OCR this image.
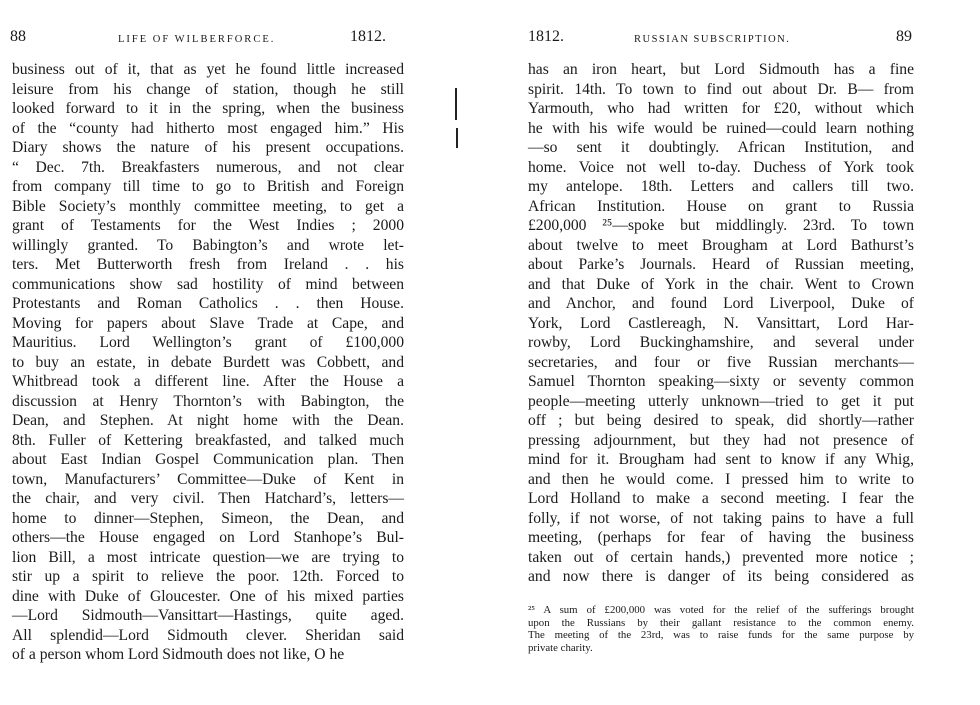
88	LIFE OF WILBERFORCE.	1812.
business out of it, that as yet he found little increased
leisure from his change of station, though he still
looked forward to it in the spring, when the business
of the “county had hitherto most engaged him.” His
Diary shows the nature of his present occupations.
“ Dec. 7th. Breakfasters numerous, and not clear
from company till time to go to British and Foreign
Bible Society’s monthly committee meeting, to get a
grant of Testaments for the West Indies ; 2000
willingly granted. To Babington’s and wrote let-
ters. Met Butterworth fresh from Ireland . . his
communications show sad hostility of mind between
Protestants and Roman Catholics . . then House.
Moving for papers about Slave Trade at Cape, and
Mauritius. Lord Wellington’s grant of £100,000
to buy an estate, in debate Burdett was Cobbett, and
Whitbread took a different line. After the House a
discussion at Henry Thornton’s with Babington, the
Dean, and Stephen. At night home with the Dean.
8th. Fuller of Kettering breakfasted, and talked much
about East Indian Gospel Communication plan. Then
town, Manufacturers’ Committee—Duke of Kent in
the chair, and very civil. Then Hatchard’s, letters—
home to dinner—Stephen, Simeon, the Dean, and
others—the House engaged on Lord Stanhope’s Bul-
lion Bill, a most intricate question—we are trying to
stir up a spirit to relieve the poor. 12th. Forced to
dine with Duke of Gloucester. One of his mixed parties
—Lord Sidmouth—Vansittart—Hastings, quite aged.
All splendid—Lord Sidmouth clever. Sheridan said
of a person whom Lord Sidmouth does not like, O he
1812.	RUSSIAN SUBSCRIPTION.	89
has an iron heart, but Lord Sidmouth has a fine
spirit. 14th. To town to find out about Dr. B— from
Yarmouth, who had written for £20, without which
he with his wife would be ruined—could learn nothing
—so sent it doubtingly. African Institution, and
home. Voice not well to-day. Duchess of York took
my antelope. 18th. Letters and callers till two.
African Institution. House on grant to Russia
£200,000 ²⁵—spoke but middlingly. 23rd. To town
about twelve to meet Brougham at Lord Bathurst’s
about Parke’s Journals. Heard of Russian meeting,
and that Duke of York in the chair. Went to Crown
and Anchor, and found Lord Liverpool, Duke of
York, Lord Castlereagh, N. Vansittart, Lord Har-
rowby, Lord Buckinghamshire, and several under
secretaries, and four or five Russian merchants—
Samuel Thornton speaking—sixty or seventy common
people—meeting utterly unknown—tried to get it put
off ; but being desired to speak, did shortly—rather
pressing adjournment, but they had not presence of
mind for it. Brougham had sent to know if any Whig,
and then he would come. I pressed him to write to
Lord Holland to make a second meeting. I fear the
folly, if not worse, of not taking pains to have a full
meeting, (perhaps for fear of having the business
taken out of certain hands,) prevented more notice ;
and now there is danger of its being considered as
²⁵ A sum of £200,000 was voted for the relief of the sufferings brought
upon the Russians by their gallant resistance to the common enemy.
The meeting of the 23rd, was to raise funds for the same purpose by
private charity.
